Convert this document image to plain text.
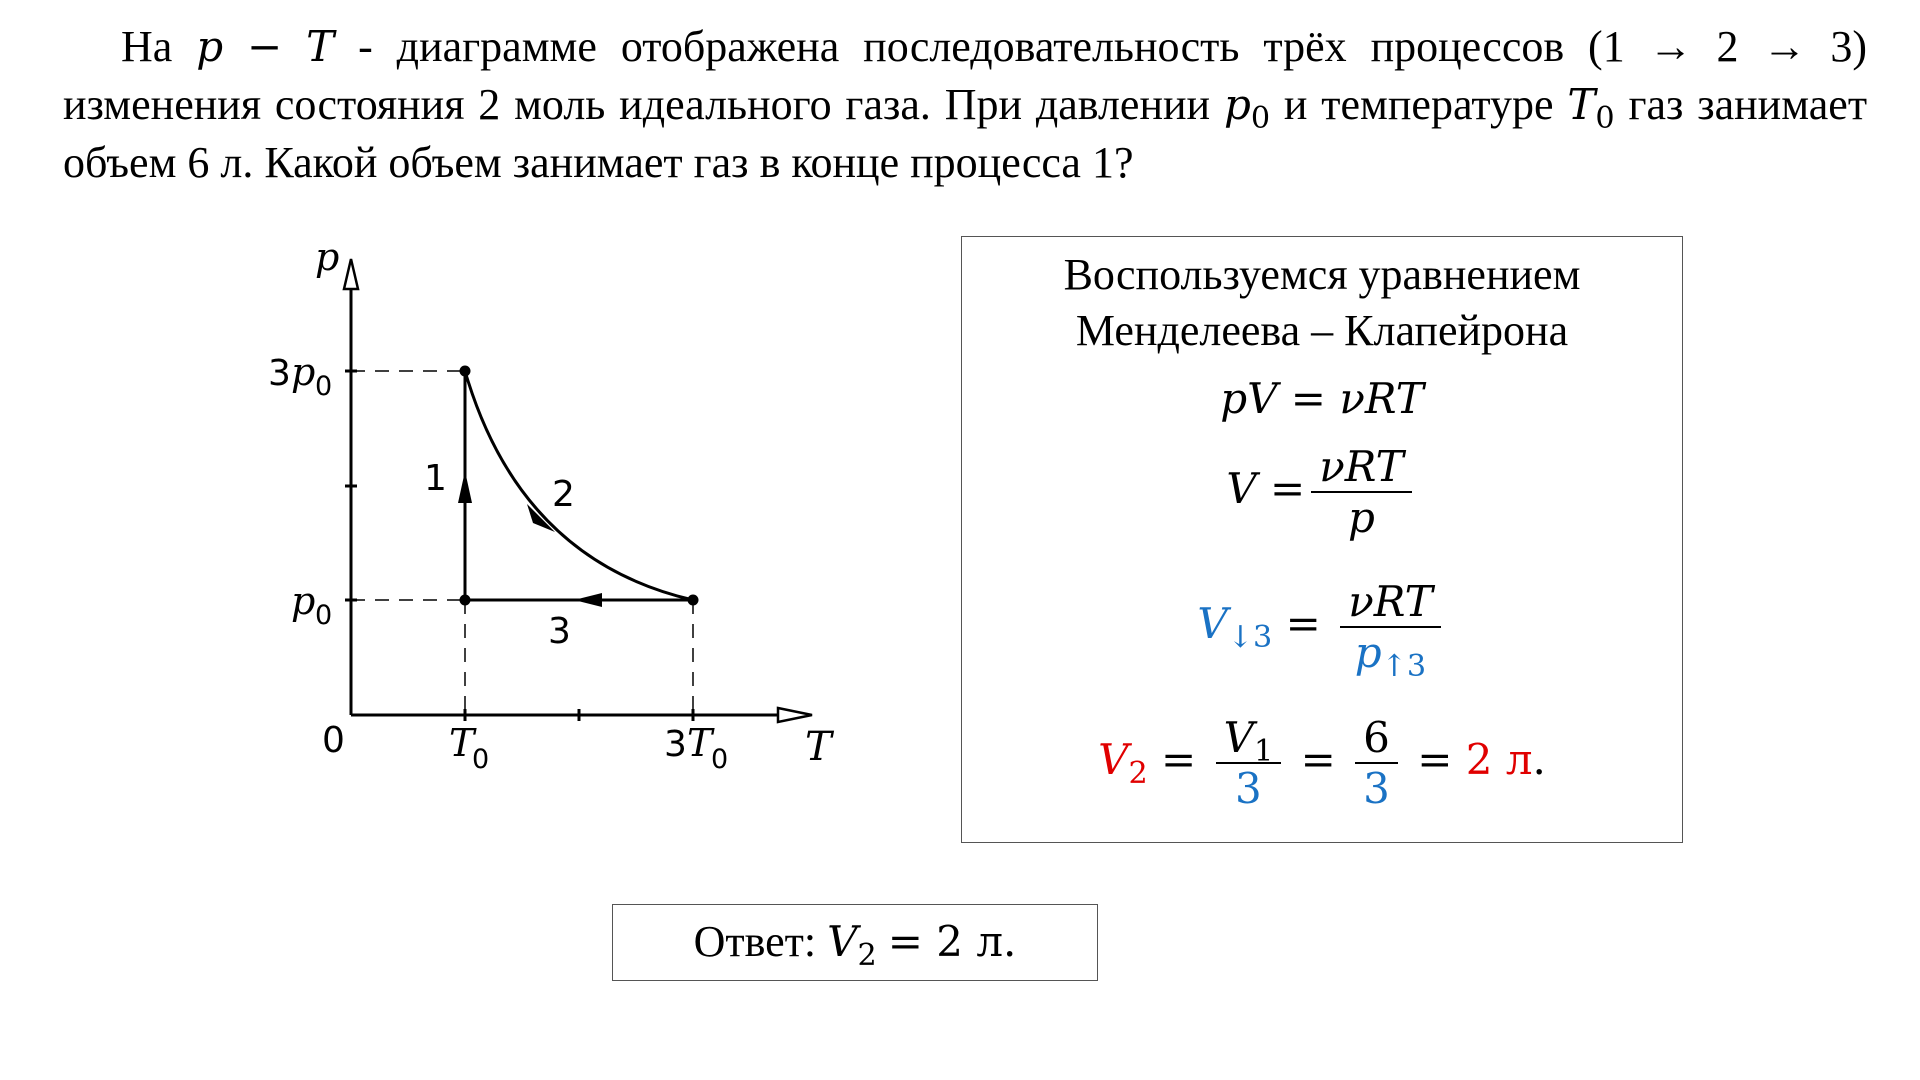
На p − T - диаграмме отображена последовательность трёх процессов (1 → 2 → 3) изменения состояния 2 моль идеального газа. При давлении $p_0$ и температуре $T_0$ газ занимает объем 6 л. Какой объем занимает газ в конце процесса 1?
p
T
0
3 p 0
p 0
T
0	3 T
0
1	2
3
Воспользуемся уравнением
Менделеева – Клапейрона
pV = νRT
$V = \frac{\text{νRT}}{p}$
$V_{↓3} = \frac{\text{νRT}}{p_{↑3}}$
$V_2 = \frac{V_1}{3} = \frac{6}{3} = 2$ л.
Ответ: $V_2 = 2$ л.
